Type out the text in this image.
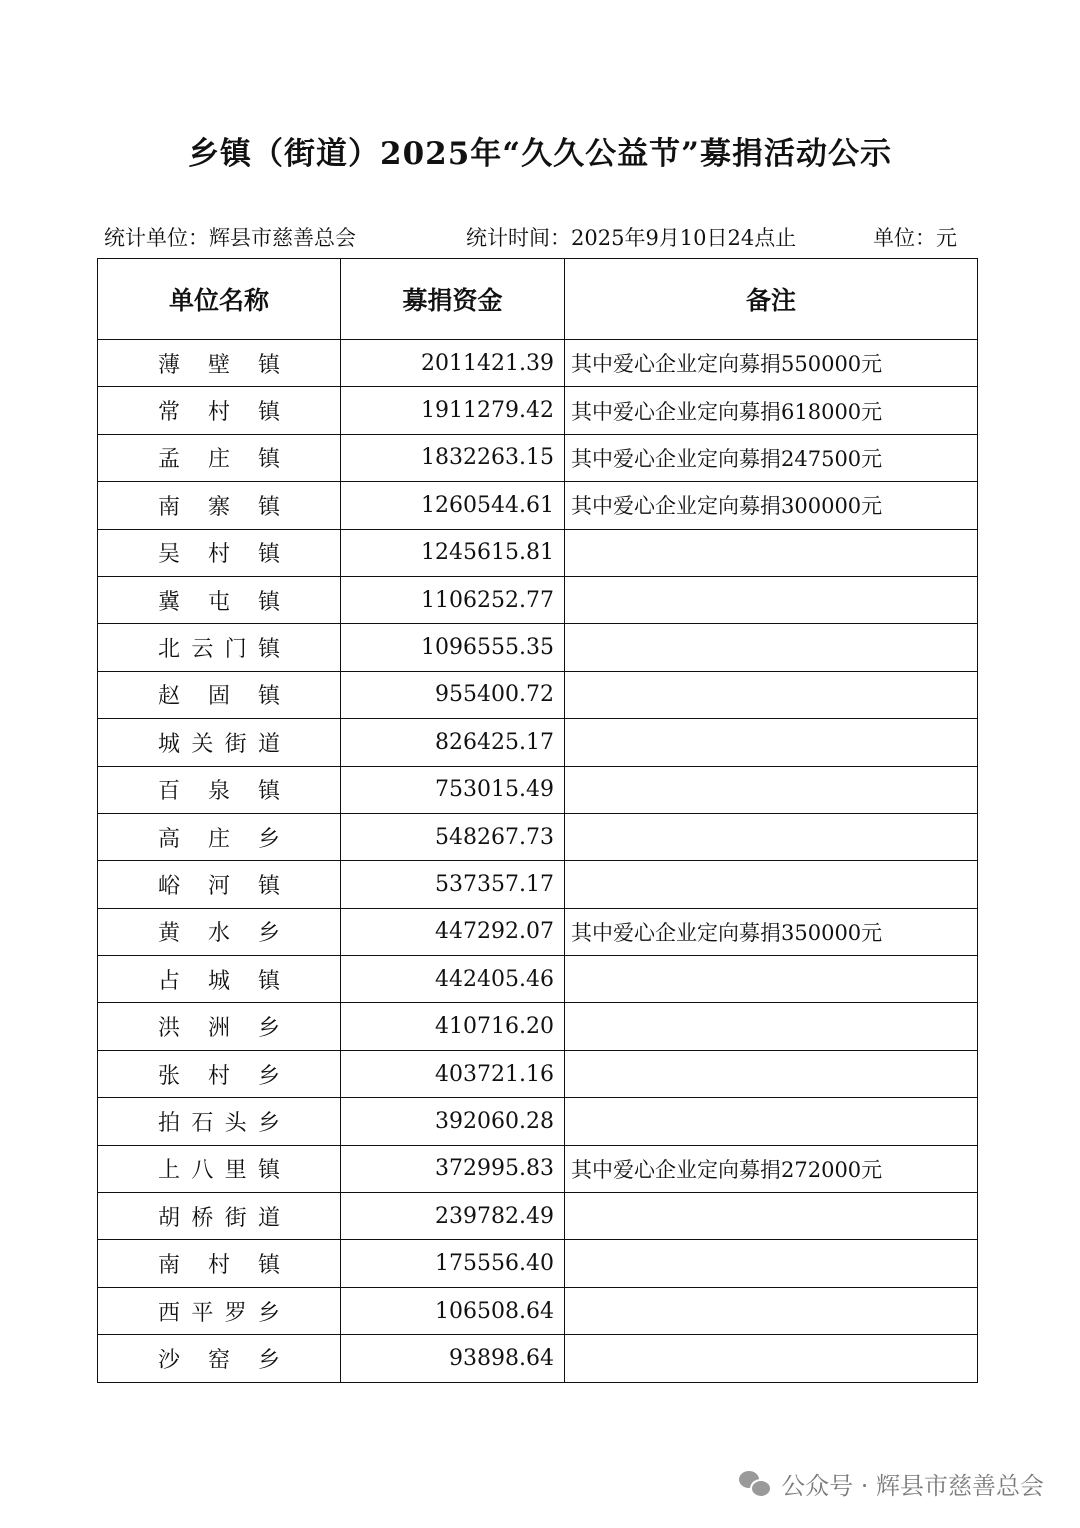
乡镇（街道）2025年“久久公益节”募捐活动公示
统计单位：辉县市慈善总会	统计时间：2025年9月10日24点止	单位：元
单位名称	募捐资金	备注
薄壁镇	2011421.39	其中爱心企业定向募捐550000元
常村镇	1911279.42	其中爱心企业定向募捐618000元
孟庄镇	1832263.15	其中爱心企业定向募捐247500元
南寨镇	1260544.61	其中爱心企业定向募捐300000元
吴村镇	1245615.81	
冀屯镇	1106252.77	
北云门镇	1096555.35	
赵固镇	955400.72	
城关街道	826425.17	
百泉镇	753015.49	
高庄乡	548267.73	
峪河镇	537357.17	
黄水乡	447292.07	其中爱心企业定向募捐350000元
占城镇	442405.46	
洪洲乡	410716.20	
张村乡	403721.16	
拍石头乡	392060.28	
上八里镇	372995.83	其中爱心企业定向募捐272000元
胡桥街道	239782.49	
南村镇	175556.40	
西平罗乡	106508.64	
沙窑乡	93898.64	
公众号 · 辉县市慈善总会
